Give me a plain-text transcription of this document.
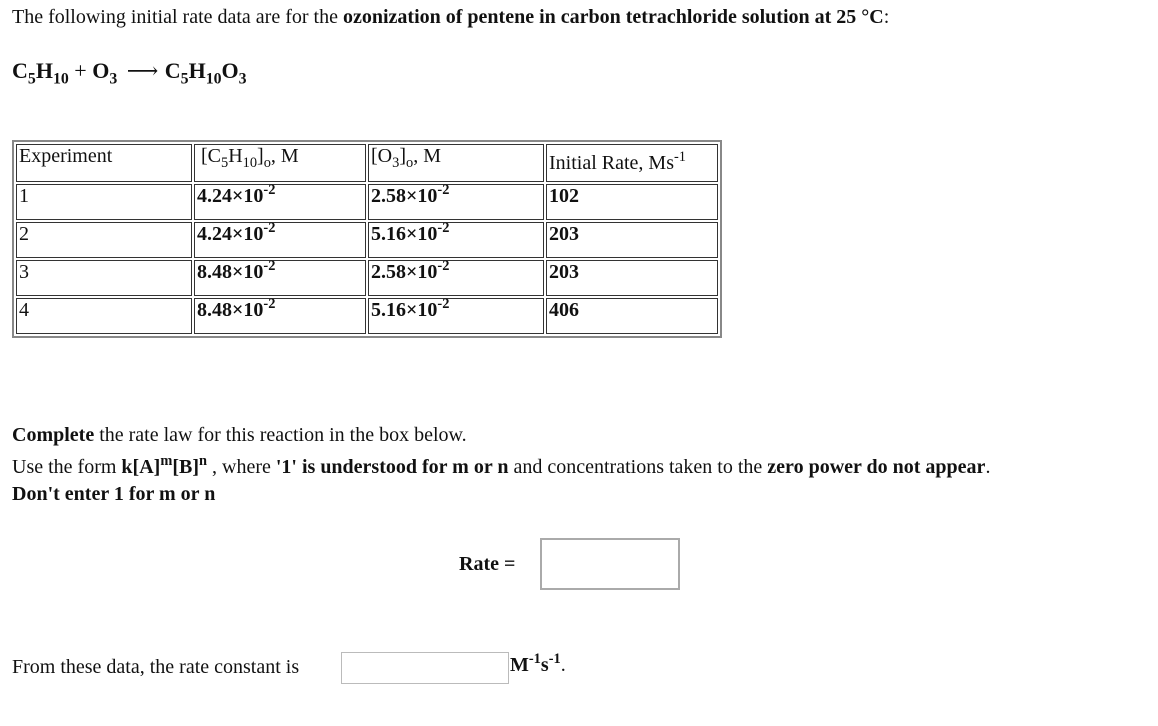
The following initial rate data are for the ozonization of pentene in carbon tetrachloride solution at 25 °C:
$C_5H_{10} + O_3$ ⟶ $C_5H_{10}O_3$
Experiment	$[C_5H_{10}]_o$, M	$[O_3]_o$, M	Initial Rate, $Ms^{-1}$
1	$4.24\times 10^{-2}$	$2.58\times 10^{-2}$	102
2	$4.24\times 10^{-2}$	$5.16\times 10^{-2}$	203
3	$8.48\times 10^{-2}$	$2.58\times 10^{-2}$	203
4	$8.48\times 10^{-2}$	$5.16\times 10^{-2}$	406
Complete the rate law for this reaction in the box below.
Use the form $k[A]^m[B]^n$ , where '1' is understood for m or n and concentrations taken to the zero power do not appear.
Don't enter 1 for m or n
Rate =
From these data, the rate constant is	$M^{-1}s^{-1}$.
